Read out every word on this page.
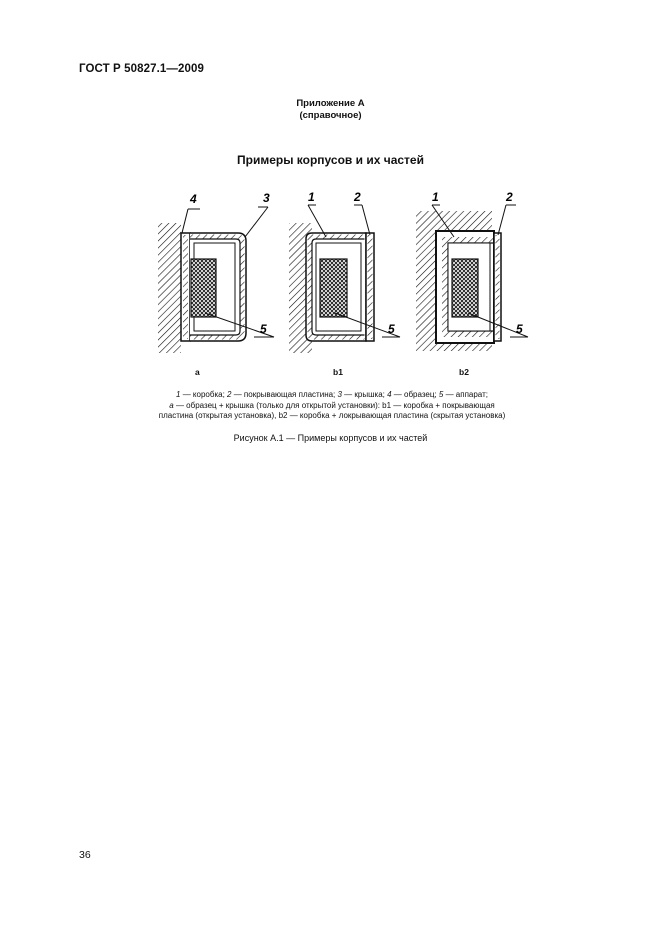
ГОСТ Р 50827.1—2009
Приложение А
(справочное)
Примеры корпусов и их частей
4	3
5
1	2
5
1	2
5
a	b1	b2

1 — коробка; 2 — покрывающая пластина; 3 — крышка; 4 — образец; 5 — аппарат;

а — образец + крышка (только для открытой установки): b1 — коробка + покрывающая

пластина (открытая установка), b2 — коробка + локрывающая пластина (скрытая установка)

Рисунок А.1 — Примеры корпусов и их частей
36
